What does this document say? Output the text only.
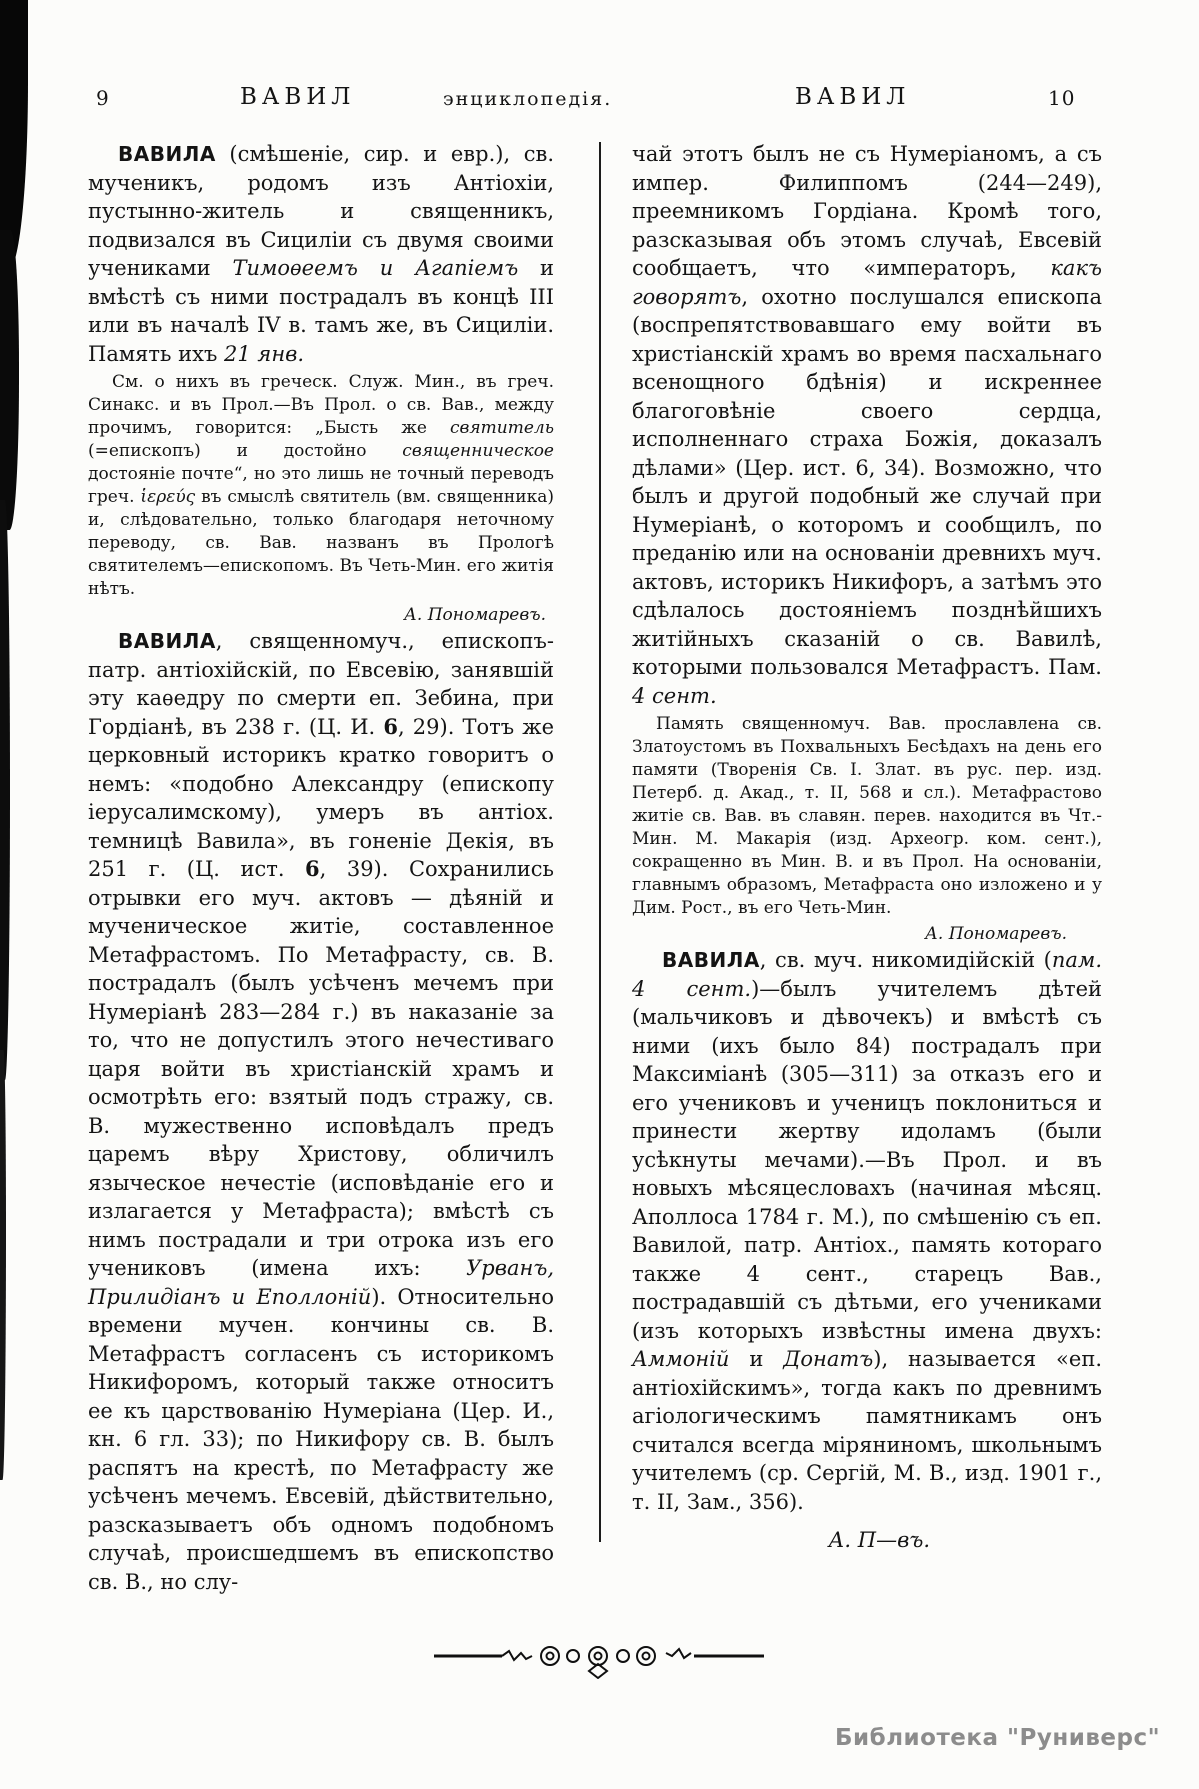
9	ВАВИЛ	энциклопедія.	ВАВИЛ	10

ВАВИЛА (смѣшеніе, сир. и евр.), св. мученикъ, родомъ изъ Антіохіи, пустынно-житель и священникъ, подвизался въ Сициліи съ двумя своими учениками Тимоѳеемъ и Агапіемъ и вмѣстѣ съ ними пострадалъ въ концѣ III или въ началѣ IV в. тамъ же, въ Сициліи. Память ихъ 21 янв.

См. о нихъ въ греческ. Служ. Мин., въ греч. Синакс. и въ Прол.—Въ Прол. о св. Вав., между прочимъ, говорится: „Бысть же святитель (=епископъ) и достойно священническое достояніе почте“, но это лишь не точный переводъ греч. ἱερεύς въ смыслѣ святитель (вм. священника) и, слѣдовательно, только благодаря неточному переводу, св. Вав. названъ въ Прологѣ святителемъ—епископомъ. Въ Четь-Мин. его житія нѣтъ.

А. Пономаревъ.

ВАВИЛА, священномуч., епископъ-патр. антіохійскій, по Евсевію, занявшій эту каѳедру по смерти еп. Зебина, при Гордіанѣ, въ 238 г. (Ц. И. 6, 29). Тотъ же церковный историкъ кратко говоритъ о немъ: «подобно Александру (епископу іерусалимскому), умеръ въ антіох. темницѣ Вавила», въ гоненіе Декія, въ 251 г. (Ц. ист. 6, 39). Сохранились отрывки его муч. актовъ — дѣяній и мученическое житіе, составленное Метафрастомъ. По Метафрасту, св. В. пострадалъ (былъ усѣченъ мечемъ при Нумеріанѣ 283—284 г.) въ наказаніе за то, что не допустилъ этого нечестиваго царя войти въ христіанскій храмъ и осмотрѣть его: взятый подъ стражу, св. В. мужественно исповѣдалъ предъ царемъ вѣру Христову, обличилъ языческое нечестіе (исповѣданіе его и излагается у Метафраста); вмѣстѣ съ нимъ пострадали и три отрока изъ его учениковъ (имена ихъ: Урванъ, Прилидіанъ и Еполлоній). Относительно времени мучен. кончины св. В. Метафрастъ согласенъ съ историкомъ Никифоромъ, который также относитъ ее къ царствованію Нумеріана (Цер. И., кн. 6 гл. 33); по Никифору св. В. былъ распятъ на крестѣ, по Метафрасту же усѣченъ мечемъ. Евсевій, дѣйствительно, разсказываетъ объ одномъ подобномъ случаѣ, происшедшемъ въ епископство св. В., но слу-

чай этотъ былъ не съ Нумеріаномъ, а съ импер. Филиппомъ (244—249), преемникомъ Гордіана. Кромѣ того, разсказывая объ этомъ случаѣ, Евсевій сообщаетъ, что «императоръ, какъ говорятъ, охотно послушался епископа (воспрепятствовавшаго ему войти въ христіанскій храмъ во время пасхальнаго всенощного бдѣнія) и искреннее благоговѣніе своего сердца, исполненнаго страха Божія, доказалъ дѣлами» (Цер. ист. 6, 34). Возможно, что былъ и другой подобный же случай при Нумеріанѣ, о которомъ и сообщилъ, по преданію или на основаніи древнихъ муч. актовъ, историкъ Никифоръ, а затѣмъ это сдѣлалось достояніемъ позднѣйшихъ житійныхъ сказаній о св. Вавилѣ, которыми пользовался Метафрастъ. Пам. 4 сент.

Память священномуч. Вав. прославлена св. Златоустомъ въ Похвальныхъ Бесѣдахъ на день его памяти (Творенія Св. І. Злат. въ рус. пер. изд. Петерб. д. Акад., т. II, 568 и сл.). Метафрастово житіе св. Вав. въ славян. перев. находится въ Чт.-Мин. М. Макарія (изд. Археогр. ком. сент.), сокращенно въ Мин. В. и въ Прол. На основаніи, главнымъ образомъ, Метафраста оно изложено и у Дим. Рост., въ его Четь-Мин.

А. Пономаревъ.

ВАВИЛА, св. муч. никомидійскій (пам. 4 сент.)—былъ учителемъ дѣтей (мальчиковъ и дѣвочекъ) и вмѣстѣ съ ними (ихъ было 84) пострадалъ при Максиміанѣ (305—311) за отказъ его и его учениковъ и ученицъ поклониться и принести жертву идоламъ (были усѣкнуты мечами).—Въ Прол. и въ новыхъ мѣсяцесловахъ (начиная мѣсяц. Аполлоса 1784 г. М.), по смѣшенію съ еп. Вавилой, патр. Антіох., память котораго также 4 сент., старецъ Вав., пострадавшій съ дѣтьми, его учениками (изъ которыхъ извѣстны имена двухъ: Аммоній и Донатъ), называется «еп. антіохійскимъ», тогда какъ по древнимъ агіологическимъ памятникамъ онъ считался всегда міряниномъ, школьнымъ учителемъ (ср. Сергій, М. В., изд. 1901 г., т. II, Зам., 356).

А. П—въ.

Библиотека "Руниверс"
